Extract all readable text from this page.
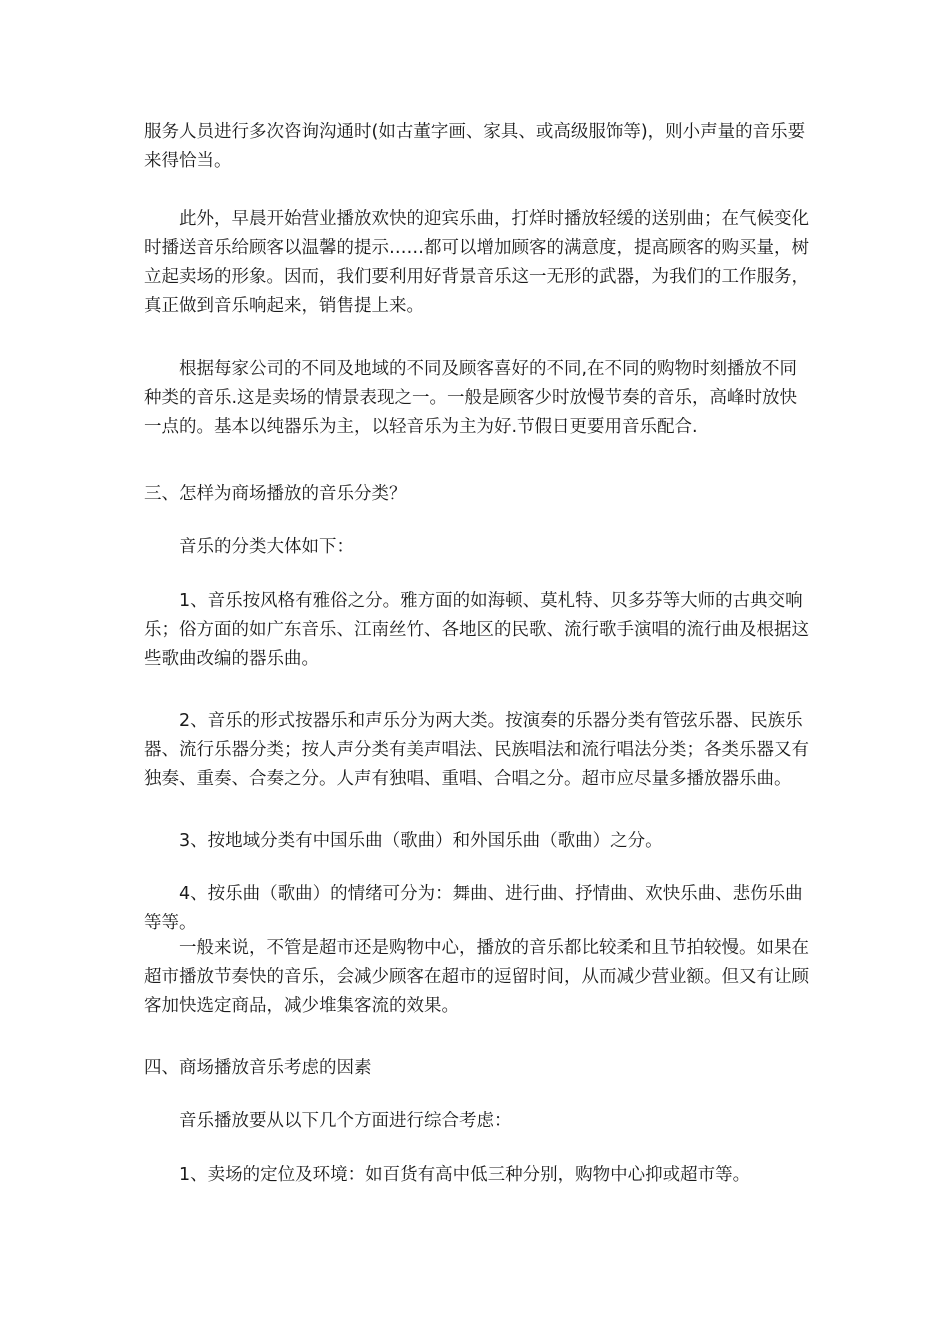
服务人员进行多次咨询沟通时(如古董字画、家具、或高级服饰等)，则小声量的音乐要来得恰当。

此外，早晨开始营业播放欢快的迎宾乐曲，打烊时播放轻缓的送别曲；在气候变化时播送音乐给顾客以温馨的提示……都可以增加顾客的满意度，提高顾客的购买量，树立起卖场的形象。因而，我们要利用好背景音乐这一无形的武器，为我们的工作服务，真正做到音乐响起来，销售提上来。

根据每家公司的不同及地域的不同及顾客喜好的不同,在不同的购物时刻播放不同种类的音乐.这是卖场的情景表现之一。一般是顾客少时放慢节奏的音乐，高峰时放快一点的。基本以纯器乐为主，以轻音乐为主为好.节假日更要用音乐配合.

三、怎样为商场播放的音乐分类？

音乐的分类大体如下：

1、音乐按风格有雅俗之分。雅方面的如海顿、莫札特、贝多芬等大师的古典交响乐；俗方面的如广东音乐、江南丝竹、各地区的民歌、流行歌手演唱的流行曲及根据这些歌曲改编的器乐曲。

2、音乐的形式按器乐和声乐分为两大类。按演奏的乐器分类有管弦乐器、民族乐器、流行乐器分类；按人声分类有美声唱法、民族唱法和流行唱法分类；各类乐器又有独奏、重奏、合奏之分。人声有独唱、重唱、合唱之分。超市应尽量多播放器乐曲。

3、按地域分类有中国乐曲（歌曲）和外国乐曲（歌曲）之分。

4、按乐曲（歌曲）的情绪可分为：舞曲、进行曲、抒情曲、欢快乐曲、悲伤乐曲等等。

一般来说，不管是超市还是购物中心，播放的音乐都比较柔和且节拍较慢。如果在超市播放节奏快的音乐，会减少顾客在超市的逗留时间，从而减少营业额。但又有让顾客加快选定商品，减少堆集客流的效果。

四、商场播放音乐考虑的因素

音乐播放要从以下几个方面进行综合考虑：

1、卖场的定位及环境：如百货有高中低三种分别，购物中心抑或超市等。
